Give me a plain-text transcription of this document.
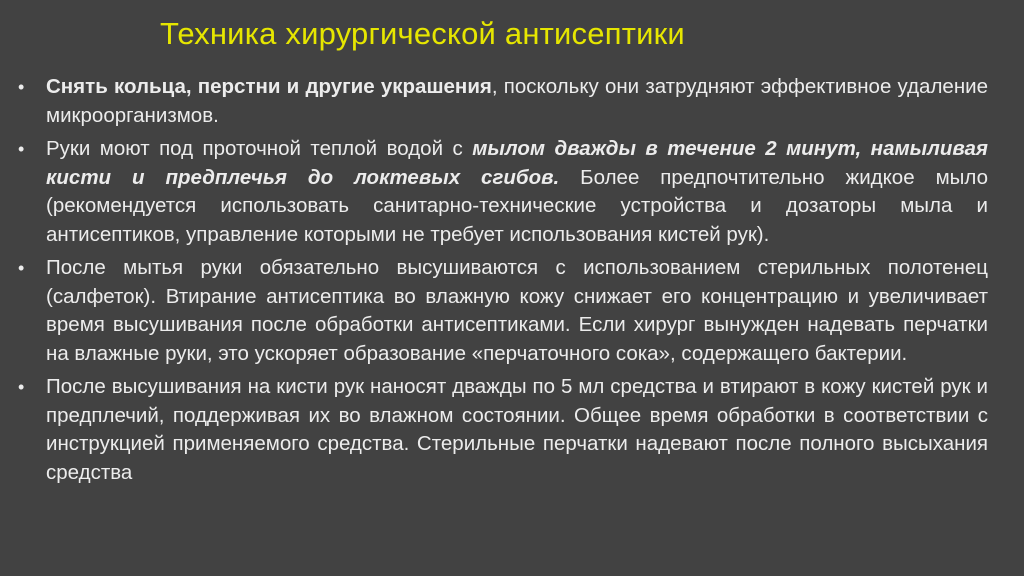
Техника хирургической антисептики
• Снять кольца, перстни и другие украшения, поскольку они затрудняют эффективное удаление микроорганизмов.
• Руки моют под проточной теплой водой с мылом дважды в течение 2 минут, намыливая кисти и предплечья до локтевых сгибов. Более предпочтительно жидкое мыло (рекомендуется использовать санитарно-технические устройства и дозаторы мыла и антисептиков, управление которыми не требует использования кистей рук).
• После мытья руки обязательно высушиваются с использованием стерильных полотенец (салфеток). Втирание антисептика во влажную кожу снижает его концентрацию и увеличивает время высушивания после обработки антисептиками. Если хирург вынужден надевать перчатки на влажные руки, это ускоряет образование «перчаточного сока», содержащего бактерии.
• После высушивания на кисти рук наносят дважды по 5 мл средства и втирают в кожу кистей рук и предплечий, поддерживая их во влажном состоянии. Общее время обработки в соответствии с инструкцией применяемого средства. Стерильные перчатки надевают после полного высыхания средства
